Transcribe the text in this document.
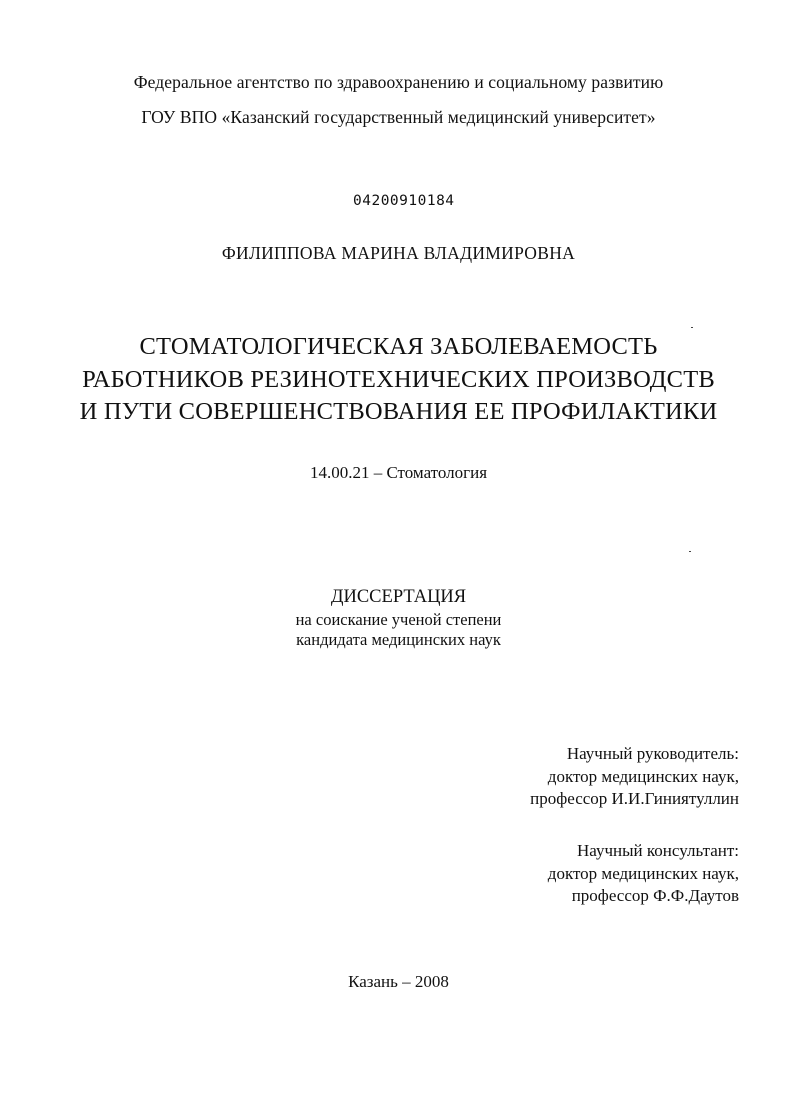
Федеральное агентство по здравоохранению и социальному развитию
ГОУ ВПО «Казанский государственный медицинский университет»
04200910184
ФИЛИППОВА МАРИНА ВЛАДИМИРОВНА
СТОМАТОЛОГИЧЕСКАЯ ЗАБОЛЕВАЕМОСТЬ
РАБОТНИКОВ РЕЗИНОТЕХНИЧЕСКИХ ПРОИЗВОДСТВ
И ПУТИ СОВЕРШЕНСТВОВАНИЯ ЕЕ ПРОФИЛАКТИКИ
14.00.21 – Стоматология
ДИССЕРТАЦИЯ
на соискание ученой степени
кандидата медицинских наук
Научный руководитель:
доктор медицинских наук,
профессор И.И.Гиниятуллин
Научный консультант:
доктор медицинских наук,
профессор Ф.Ф.Даутов
Казань – 2008
